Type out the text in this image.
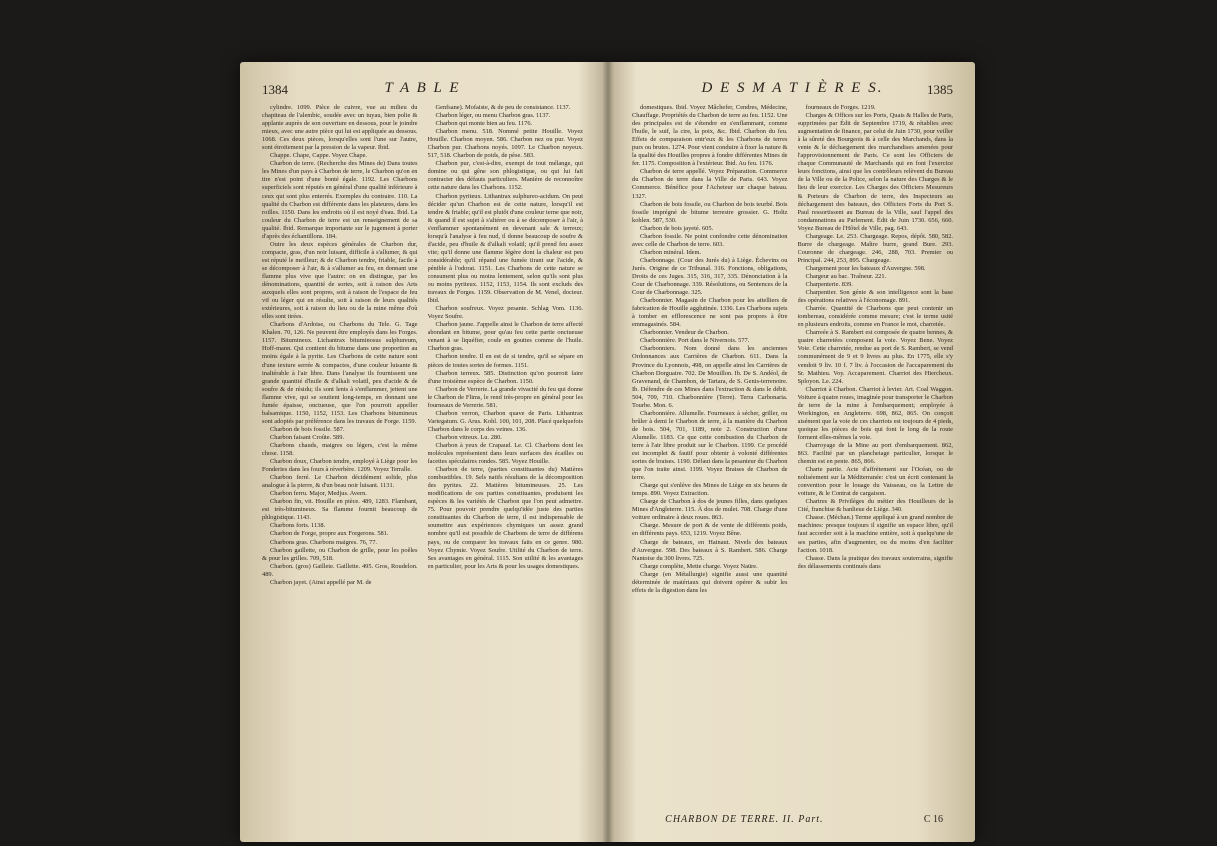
1384	T A B L E

cylindre. 1099. Pièce de cuivre, vue au milieu du chapiteau de l'alembic, soudée avec un tuyau, bien polie & applanie auprès de son ouverture en dessous, pour le joindre mieux, avec une autre pièce qui lui est appliquée au dessous. 1068. Ces deux pièces, lorsqu'elles sont l'une sur l'autre, sont étroitement par la pression de la vapeur. Ibid.

Chappe. Chape, Cappe. Voyez Chape.

Charbon de terre. (Recherche des Mines de) Dans toutes les Mines d'un pays à Charbon de terre, le Charbon qu'on en tire n'est point d'une bonté égale. 1192. Les Charbons superficiels sont réputés en général d'une qualité inférieure à ceux qui sont plus enterrés. Exemples du contraire. 110. La qualité du Charbon est différente dans les plateures, dans les roilles. 1150. Dans les endroits où il est noyé d'eau. Ibid. La couleur du Charbon de terre est un renseignement de sa qualité. Ibid. Remarque importante sur le jugement à porter d'après des échantillons. 184.

Outre les deux espèces générales de Charbon dur, compacte, gras, d'un noir luisant, difficile à s'allumer, & qui est réputé le meilleur; & de Charbon tendre, friable, facile à se décomposer à l'air, & à s'allumer au feu, en donnant une flamme plus vive que l'autre: on en distingue, par les dénominations, quantité de sortes, soit à raison des Arts auxquels elles sont propres, soit à raison de l'espace de feu vif ou léger qui en résulte, soit à raison de leurs qualités extérieures, soit à raison du lieu ou de la mine même d'où elles sont tirées.

Charbons d'Ardoise, ou Charbons du Tele. G. Tage Khalen. 70, 126. Ne peuvent être employés dans les Forges. 1157. Bitumineux. Lichantrax bituminosus sulphureum, Hoff-mann. Qui contient du bitume dans une proportion au moins égale à la pyrite. Les Charbons de cette nature sont d'une texture serrée & compactes, d'une couleur luisante & inaltérable à l'air libre. Dans l'analyse ils fournissent une grande quantité d'huile & d'alkali volatil, peu d'acide & de soufre & de résidu; ils sont lents à s'enflammer, jettent une flamme vive, qui se soutient long-temps, en donnant une fumée épaisse, onctueuse, que l'on pourroit appeller balsamique. 1150, 1152, 1153. Les Charbons bitumineux sont adoptés par préférence dans les travaux de Forge. 1159.

Charbon de bois fossile. 587.

Charbon faisant Croûte. 589.

Charbons chauds, maigres ou légers, c'est la même chose. 1158.

Charbon doux, Charbon tendre, employé à Liège pour les Fonderies dans les fours à réverbère. 1209. Voyez Terralle.

Charbon ferré. Le Charbon décidément solide, plus analogue à la pierre, & d'un beau noir luisant. 1131.

Charbon ferru. Major, Medjus. Avern.

Charbon fin, vit. Houille en pièce. 489, 1283. Flambant, est très-bitumineux. Sa flamme fournit beaucoup de phlogistique. 1143.

Charbons forts. 1138.

Charbon de Forge, propre aux Forgerons. 581.

Charbons gras. Charbons maigres. 76, 77.

Charbon gaillette, ou Charbon de grille, pour les poêles & pour les grilles. 709, 518.

Charbon. (gros) Gaillete. Gaillette. 495. Gros, Roudelon. 489.

Charbon jayet. (Ainsi appellé par M. de

Genfsane). Mofaiste, & de peu de consistance. 1137.

Charbon léger, ou menu Charbon gras. 1137.

Charbon qui monte bien au feu. 1176.

Charbon menu. 518. Nommé petite Houille. Voyez Houille. Charbon moyen. 586. Charbon nez ou pur. Voyez Charbon pur. Charbons noyés. 1097. Le Charbon noyeux. 517, 518. Charbon de poids, de pèse. 583.

Charbon pur, c'est-à-dire, exempt de tout mélange, qui domine ou qui gêne son phlogistique, ou qui lui fait contracter des défauts particuliers. Manière de reconnoître cette nature dans les Charbons. 1152.

Charbon pyriteux. Lithantrax sulphureo-acidum. On peut décider qu'un Charbon est de cette nature, lorsqu'il est tendre & friable; qu'il est plutôt d'une couleur terne que noir, & quand il est sujet à s'altérer ou à se décomposer à l'air, à s'enflammer spontanément en devenant sale & terreux; lorsqu'à l'analyse à feu nud, il donne beaucoup de soufre & d'acide, peu d'huile & d'alkali volatil; qu'il prend feu assez vite; qu'il donne une flamme légère dont la chaleur est peu considérable; qu'il répand une fumée tirant sur l'acide, & pénible à l'odorat. 1151. Les Charbons de cette nature se consument plus ou moins lentement, selon qu'ils sont plus ou moins pyriteux. 1152, 1153, 1154. Ils sont excluds des travaux de Forges. 1159. Observation de M. Venel, docteur. Ibid.

Charbon soufreux. Voyez pesante. Schlag Vom. 1136. Voyez Soufre.

Charbon jaune. J'appelle ainsi le Charbon de terre affecté abondant en bitume, pour qu'au feu cette partie onctueuse venant à se liquéfier, coule en gouttes comme de l'huile. Charbon gras.

Charbon tendre. Il en est de si tendre, qu'il se sépare en pièces de toutes sortes de formes. 1151.

Charbon terreux. 585. Distinction qu'on pourroit faire d'une troisième espèce de Charbon. 1150.

Charbon de Verrerie. La grande vivacité du feu qui donne le Charbon de Flims, le rend très-propre en général pour les fourneaux de Verrerie. 581.

Charbon verron, Charbon quave de Paris. Lithantrax Variegatum. G. Arus. Kohl. 100, 101, 208. Placé quelquefois Charbon dans le corps des veines. 136.

Charbon vitreux. Lu. 280.

Charbon à yeux de Crapaud. Le. Cl. Charbons dont les molécules représentent dans leurs surfaces des écailles ou facettes spéculaires rondes. 585. Voyez Houille.

Charbon de terre, (parties constituantes du) Matières combustibles. 19. Sels natifs résultans de la décomposition des pyrites. 22. Matières bitumineuses. 25. Les modifications de ces parties constituantes, produisent les espèces & les variétés de Charbon que l'on peut admettre. 75. Pour pouvoir prendre quelqu'idée juste des parties constituantes du Charbon de terre, il est indispensable de soumettre aux expériences chymiques un assez grand nombre qu'il est possible de Charbons de terre de différens pays, ou de comparer les travaux faits en ce genre. 980. Voyez Chymie. Voyez Soufre. Utilité du Charbon de terre. Ses avantages en général. 1115. Son utilité & les avantages en particulier, pour les Arts & pour les usages domestiques.

D E S M A T I È R E S.	1385

domestiques. Ibid. Voyez Mâchefer, Cendres, Médecine, Chauffage. Propriétés du Charbon de terre au feu. 1152. Une des principales est de s'étendre en s'enflammant, comme l'huile, le suif, la cire, la poix, &c. Ibid. Charbon du feu. Effets de comparaison entr'eux & les Charbons de terres purs ou brutes. 1274. Pour vient conduire à fixer la nature & la qualité des Houilles propres à fondre différentes Mines de fer. 1175. Composition à l'extérieur. Ibid. Au feu. 1176.

Charbon de terre appellé. Voyez Préparation. Commerce du Charbon de terre dans la Ville de Paris. 643. Voyez Commerce. Bénéfice pour l'Acheteur sur chaque bateau. 1327.

Charbon de bois fossile, ou Charbon de bois teurbé. Bois fossile imprégné de bitume terrestre grossier. G. Holtz kohlen. 587, 530.

Charbon de bois jayeté. 605.

Charbon fossile. Ne point confondre cette dénomination avec celle de Charbon de terre. 603.

Charbon minéral. Idem.

Charbonnage. (Cour des Jurés du) à Liège. Échevins ou Jurés. Origine de ce Tribunal. 316. Fonctions, obligations, Droits de ces Juges. 315, 316, 317, 335. Dénonciation à la Cour de Charbonnage. 339. Résolutions, ou Sentences de la Cour de Charbonnage. 325.

Charbonnier. Magasin de Charbon pour les attelliers de fabrication de Houille agglutinée. 1336. Les Charbons sujets à tomber en efflorescence ne sont pas propres à être emmagasinés. 584.

Charbonnier. Vendeur de Charbon.

Charbonnière. Port dans le Nivernois. 577.

Charbonniers. Nom donné dans les anciennes Ordonnances aux Carrières de Charbon. 611. Dans la Province du Lyonnois, 498, on appelle ainsi les Carrières de Charbon Dorguaire. 702. De Mouillon. Ib. De S. Andéol, de Gravenand, de Chambon, de Tartara, de S. Genis-terrenoire. Ib. Défendre de ces Mines dans l'extraction & dans le débit. 504, 709, 710. Charbonnière (Terre). Terra Carbonaria. Tourbe. Mon. 6.

Charbonnière. Allumelle. Fourneaux à sécher, griller, ou brûler à demi le Charbon de terre, à la manière du Charbon de bois. 504, 701, 1189, note 2. Construction d'une Alumelle. 1183. Ce que cette combustion du Charbon de terre à l'air libre produit sur le Charbon. 1199. Ce procédé est incomplet & fautif pour obtenir à volonté différentes sortes de braises. 1190. Défaut dans la pesanteur du Charbon que l'on traite ainsi. 1199. Voyez Braises de Charbon de terre.

Charge qui s'enlève des Mines de Liège en six heures de temps. 890. Voyez Extraction.

Charge de Charbon à dos de jeunes filles, dans quelques Mines d'Angleterre. 115. À dos de mulet. 708. Charge d'une voiture ordinaire à deux roues. 863.

Charge. Mesure de port & de vente de différents poids, en différents pays. 653, 1219. Voyez Bêne.

Charge de bateaux, en Hainaut. Nivels des bateaux d'Auvergne. 598. Des bateaux à S. Rambert. 586. Charge Nantoise du 300 livres. 725.

Charge complète, Mette charge. Voyez Naüre.

Charge (en Métallurgie) signifie aussi une quantité déterminée de matériaux qui doivent opérer & subir les effets de la digestion dans les

fourneaux de Forges. 1219.

Charges & Offices sur les Ports, Quais & Halles de Paris, supprimées par Édit de Septembre 1719, & rétablies avec augmentation de finance, par celui de Juin 1730, pour veiller à la sûreté des Bourgeois & à celle des Marchands, dans la vente & le déchargement des marchandises amenées pour l'approvisionnement de Paris. Ce sont les Officiers de chaque Communauté de Marchands qui en font l'exercice leurs fonctions, ainsi que les contrôleurs relèvent du Bureau de la Ville ou de la Police, selon la nature des Charges & le lieu de leur exercice. Les Charges des Officiers Mesureurs & Porteurs de Charbon de terre, des Inspecteurs au déchargement des bateaux, des Officiers Forts du Port S. Paul ressortissent au Bureau de la Ville, sauf l'appel des condamnations au Parlement. Édit de Juin 1730. 656, 660. Voyez Bureau de l'Hôtel de Ville, pag. 643.

Chargeage. Le. 253. Chargeage. Repos, dépôt. 580, 582. Burre de chargeage. Maître burre, grand Bure. 293. Couronne de chargeage. 246, 288, 703. Premier ou Principal. 244, 253, 895. Chargeage.

Chargement pour les bateaux d'Auvergne. 598.

Chargeur au bac. Traîneur. 221.

Charpenterie. 839.

Charpentier. Son génie & son intelligence sont la base des opérations relatives à l'économage. 891.

Charrée. Quantité de Charbons que peut contenir un tombereau, considérée comme mesure; c'est le terme usité en plusieurs endroits, comme en France le mot, charretée.

Charreée à S. Rambert est composée de quatre bennes, & quatre charretées composent la voie. Voyez Bene. Voyez Voie. Cette charretée, rendue au port de S. Rambert, se vend communément de 9 et 9 livres au plus. En 1775, elle s'y vendoit 9 liv. 10 f. 7 liv. à l'occasion de l'accaparement du Sr. Mathieu. Voy. Accaparement. Charriot des Hiercheux. Sployon. Le. 224.

Charriot à Charbon. Charriot à levier. Art. Coal Waggon. Voiture à quatre roues, imaginée pour transporter le Charbon de terre de la mine à l'embarquement; employée à Workington, en Angleterre. 698, 862, 865. On conçoit aisément que la voie de ces charriots est toujours de 4 pieds, quoique les pièces de bois qui font le long de la route forment elles-mêmes la voie.

Charroyage de la Mine au port d'embarquement. 862, 863. Facilité par un plancheiage particulier, lorsque le chemin est en pente. 865, 866.

Charte partie. Acte d'affrètement sur l'Océan, ou de noliséement sur la Méditerranée: c'est un écrit contenant la convention pour le louage du Vaisseau, ou la Lettre de voiture, & le Contrat de cargaison.

Chartres & Privilèges du métier des Houilleurs de la Cité, franchise & banlieue de Liège. 340.

Chasse. (Méchan.) Terme appliqué à un grand nombre de machines: presque toujours il signifie un espace libre, qu'il faut accorder soit à la machine entière, soit à quelqu'une de ses parties, afin d'augmenter, ou du moins d'en faciliter l'action. 1018.

Chasse. Dans la pratique des travaux souterrains, signifie des délassements continués dans

CHARBON DE TERRE. II. Part.	C 16
